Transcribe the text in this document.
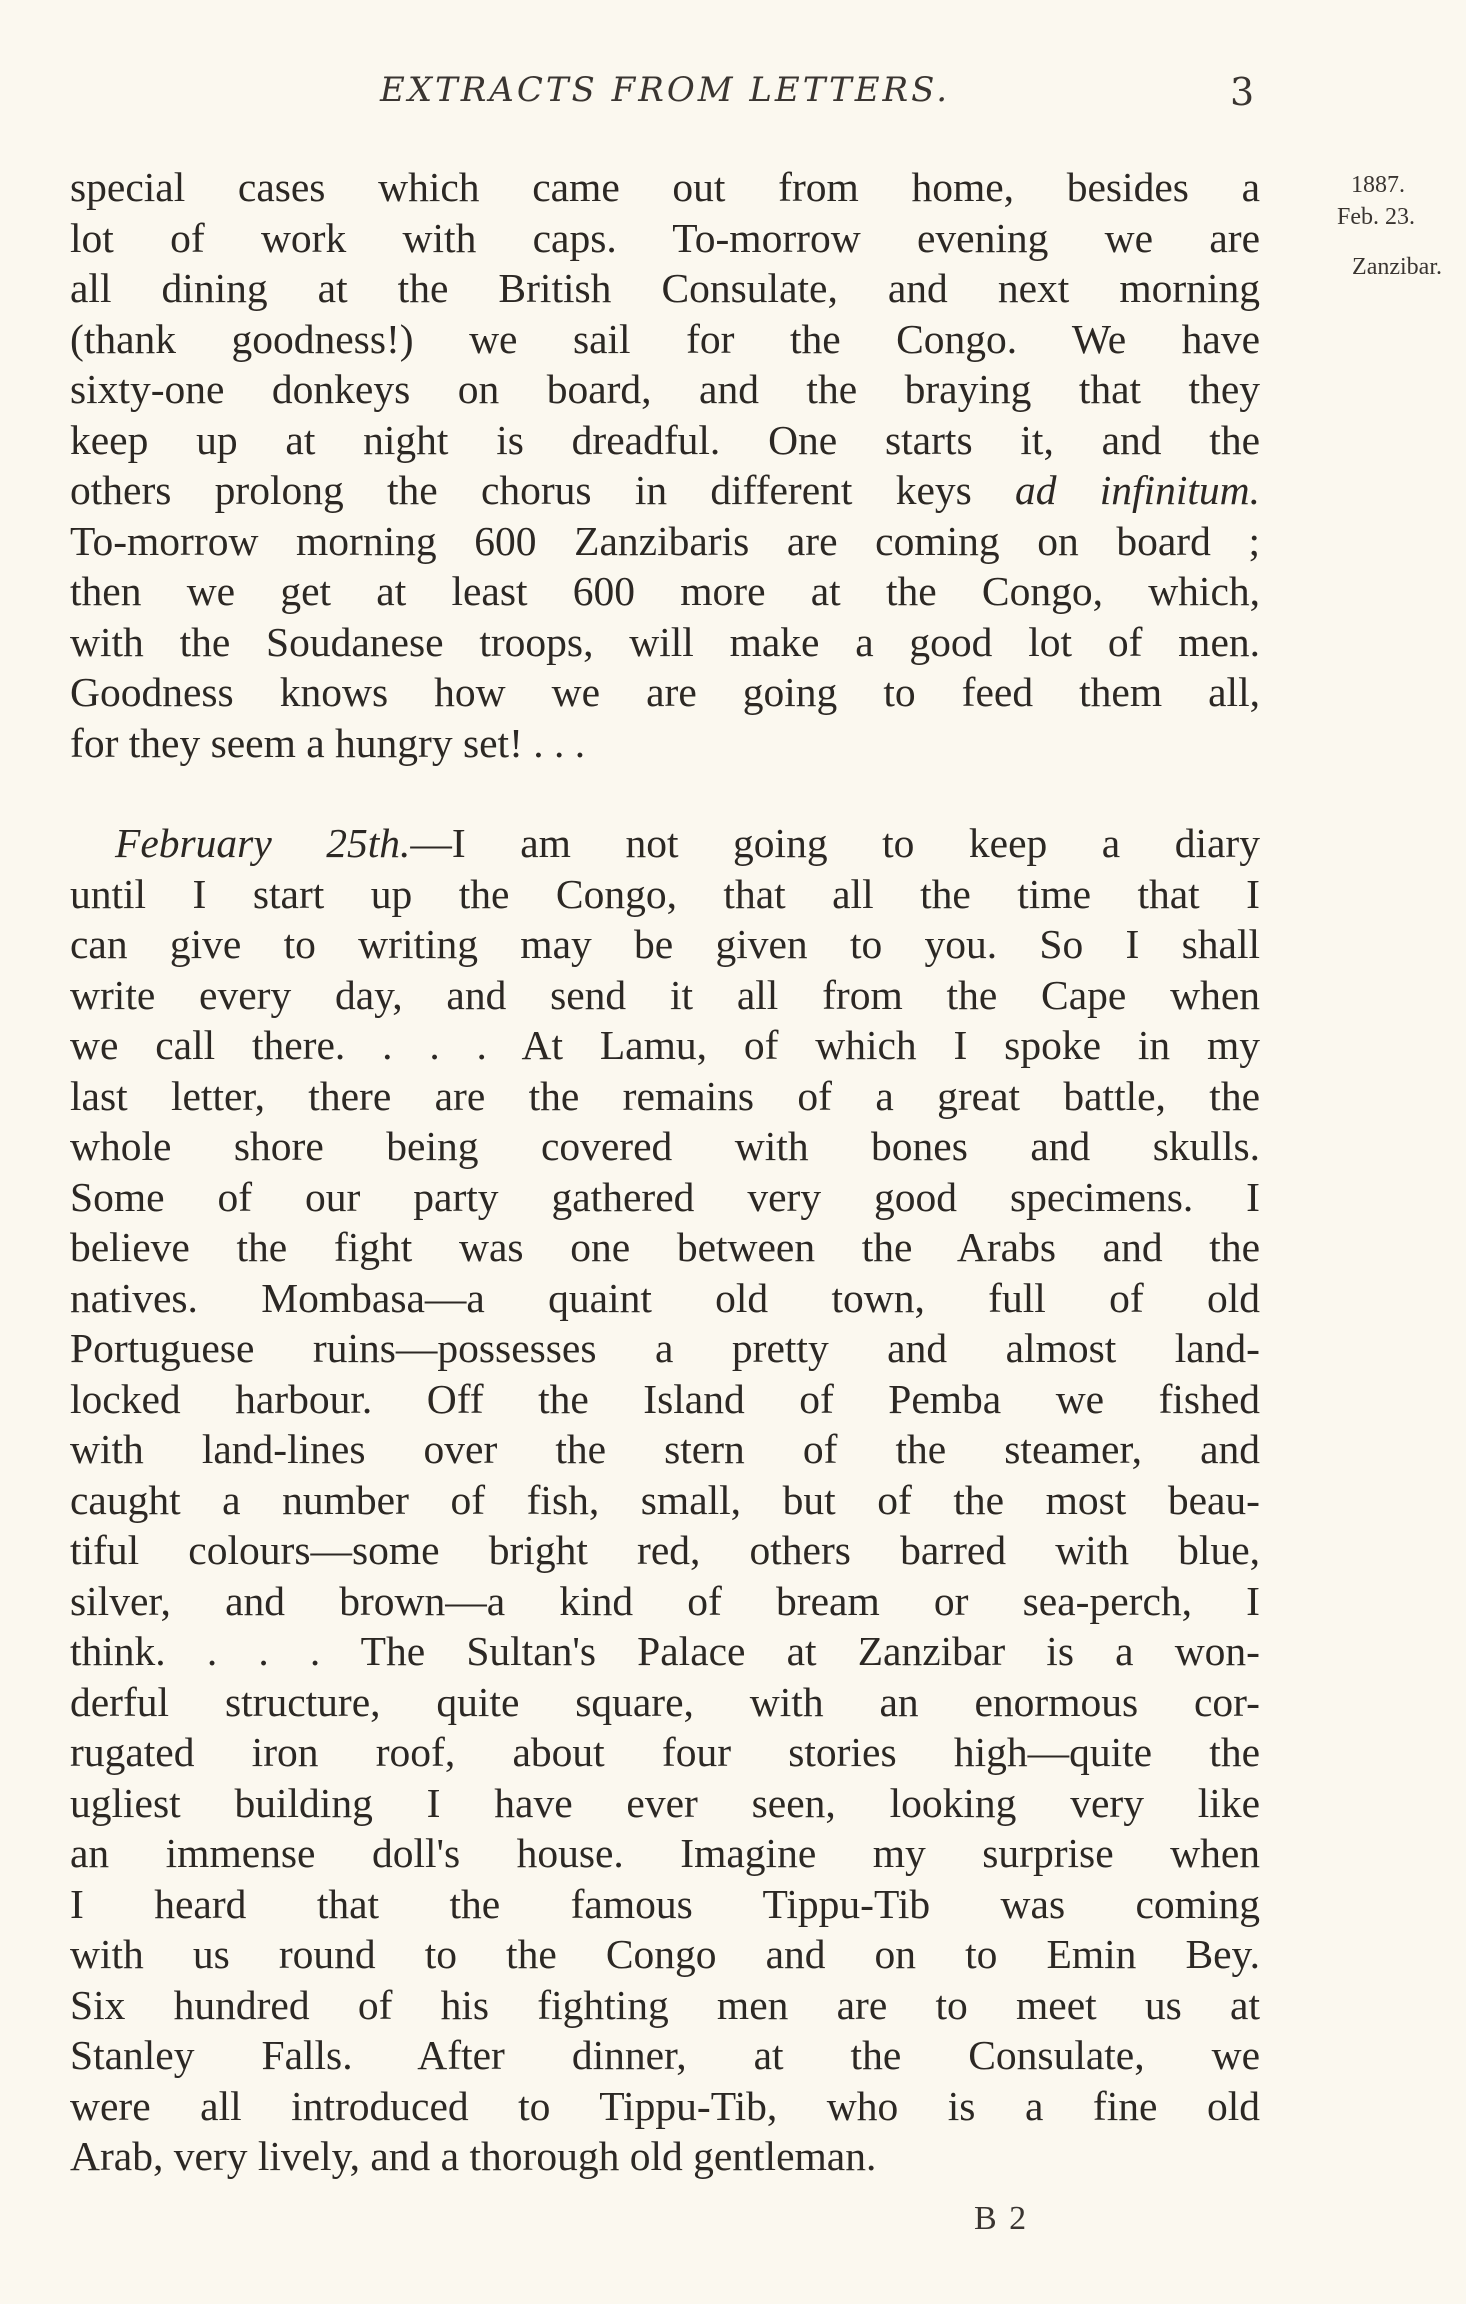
EXTRACTS FROM LETTERS.	3
1887.
Feb. 23.
Zanzibar.

special cases which came out from home, besides a

lot of work with caps. To-morrow evening we are

all dining at the British Consulate, and next morning

(thank goodness!) we sail for the Congo. We have

sixty-one donkeys on board, and the braying that they

keep up at night is dreadful. One starts it, and the

others prolong the chorus in different keys ad infinitum.

To-morrow morning 600 Zanzibaris are coming on board ;

then we get at least 600 more at the Congo, which,

with the Soudanese troops, will make a good lot of men.

Goodness knows how we are going to feed them all,

for they seem a hungry set! . . .

February 25th.—I am not going to keep a diary

until I start up the Congo, that all the time that I

can give to writing may be given to you. So I shall

write every day, and send it all from the Cape when

we call there. . . . At Lamu, of which I spoke in my

last letter, there are the remains of a great battle, the

whole shore being covered with bones and skulls.

Some of our party gathered very good specimens. I

believe the fight was one between the Arabs and the

natives. Mombasa—a quaint old town, full of old

Portuguese ruins—possesses a pretty and almost land-

locked harbour. Off the Island of Pemba we fished

with land-lines over the stern of the steamer, and

caught a number of fish, small, but of the most beau-

tiful colours—some bright red, others barred with blue,

silver, and brown—a kind of bream or sea-perch, I

think. . . . The Sultan's Palace at Zanzibar is a won-

derful structure, quite square, with an enormous cor-

rugated iron roof, about four stories high—quite the

ugliest building I have ever seen, looking very like

an immense doll's house. Imagine my surprise when

I heard that the famous Tippu-Tib was coming

with us round to the Congo and on to Emin Bey.

Six hundred of his fighting men are to meet us at

Stanley Falls. After dinner, at the Consulate, we

were all introduced to Tippu-Tib, who is a fine old

Arab, very lively, and a thorough old gentleman.

B 2
